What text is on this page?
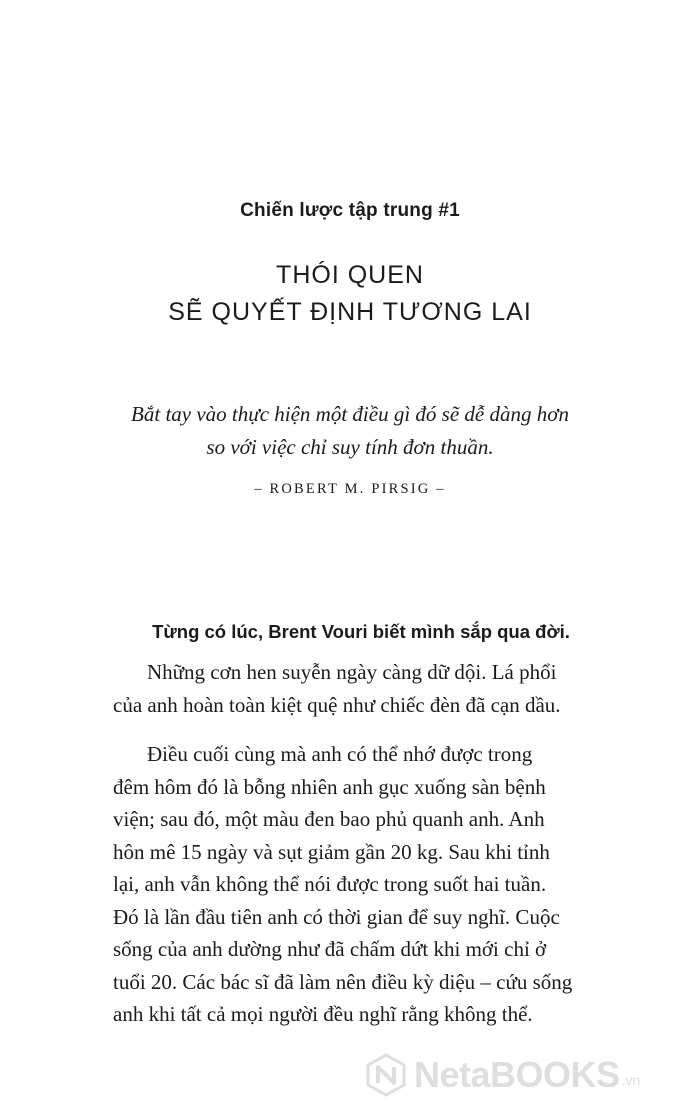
Chiến lược tập trung #1
THÓI QUEN
SẼ QUYẾT ĐỊNH TƯƠNG LAI
Bắt tay vào thực hiện một điều gì đó sẽ dễ dàng hơn
so với việc chỉ suy tính đơn thuần.
– ROBERT M. PIRSIG –
Từng có lúc, Brent Vouri biết mình sắp qua đời.
Những cơn hen suyễn ngày càng dữ dội. Lá phổi
của anh hoàn toàn kiệt quệ như chiếc đèn đã cạn dầu.
Điều cuối cùng mà anh có thể nhớ được trong
đêm hôm đó là bỗng nhiên anh gục xuống sàn bệnh
viện; sau đó, một màu đen bao phủ quanh anh. Anh
hôn mê 15 ngày và sụt giảm gần 20 kg. Sau khi tỉnh
lại, anh vẫn không thể nói được trong suốt hai tuần.
Đó là lần đầu tiên anh có thời gian để suy nghĩ. Cuộc
sống của anh dường như đã chấm dứt khi mới chỉ ở
tuổi 20. Các bác sĩ đã làm nên điều kỳ diệu – cứu sống
anh khi tất cả mọi người đều nghĩ rằng không thể.
NetaBOOKS .vn
